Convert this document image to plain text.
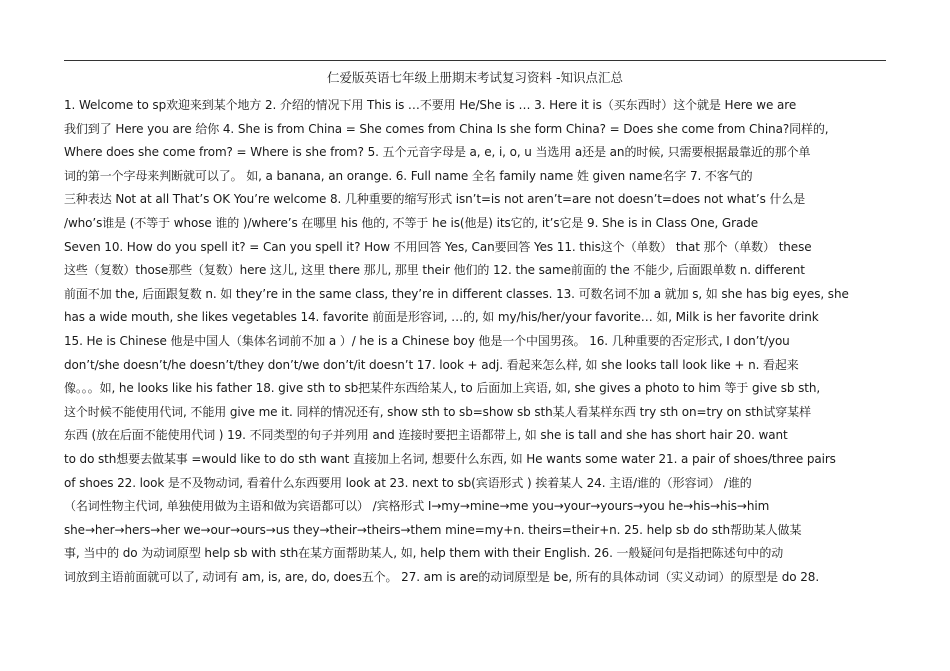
仁爱版英语七年级上册期末考试复习资料 -知识点汇总
1. Welcome to sp欢迎来到某个地方 2. 介绍的情况下用 This is …不要用 He/She is … 3. Here it is（买东西时）这个就是 Here we are
我们到了 Here you are 给你 4. She is from China = She comes from China Is she form China? = Does she come from China?同样的,
Where does she come from? = Where is she from? 5. 五个元音字母是 a, e, i, o, u 当选用 a还是 an的时候, 只需要根据最靠近的那个单
词的第一个字母来判断就可以了。 如, a banana, an orange. 6. Full name 全名 family name 姓 given name名字 7. 不客气的
三种表达 Not at all That’s OK You’re welcome 8. 几种重要的缩写形式 isn’t=is not aren’t=are not doesn’t=does not what’s 什么是
/who’s谁是 (不等于 whose 谁的 )/where’s 在哪里 his 他的, 不等于 he is(他是) its它的, it’s它是 9. She is in Class One, Grade
Seven 10. How do you spell it? = Can you spell it? How 不用回答 Yes, Can要回答 Yes 11. this这个（单数） that 那个（单数） these
这些（复数）those那些（复数）here 这儿, 这里 there 那儿, 那里 their 他们的 12. the same前面的 the 不能少, 后面跟单数 n. different
前面不加 the, 后面跟复数 n. 如 they’re in the same class, they’re in different classes. 13. 可数名词不加 a 就加 s, 如 she has big eyes, she
has a wide mouth, she likes vegetables 14. favorite 前面是形容词, …的, 如 my/his/her/your favorite… 如, Milk is her favorite drink
15. He is Chinese 他是中国人（集体名词前不加 a ）/ he is a Chinese boy 他是一个中国男孩。 16. 几种重要的否定形式, I don’t/you
don’t/she doesn’t/he doesn’t/they don’t/we don’t/it doesn’t 17. look + adj. 看起来怎么样, 如 she looks tall look like + n. 看起来
像。。。如, he looks like his father 18. give sth to sb把某件东西给某人, to 后面加上宾语, 如, she gives a photo to him 等于 give sb sth,
这个时候不能使用代词, 不能用 give me it. 同样的情况还有, show sth to sb=show sb sth某人看某样东西 try sth on=try on sth试穿某样
东西 (放在后面不能使用代词 ) 19. 不同类型的句子并列用 and 连接时要把主语都带上, 如 she is tall and she has short hair 20. want
to do sth想要去做某事 =would like to do sth want 直接加上名词, 想要什么东西, 如 He wants some water 21. a pair of shoes/three pairs
of shoes 22. look 是不及物动词, 看着什么东西要用 look at 23. next to sb(宾语形式 ) 挨着某人 24. 主语/谁的（形容词） /谁的
（名词性物主代词, 单独使用做为主语和做为宾语都可以） /宾格形式 I→my→mine→me you→your→yours→you he→his→his→him
she→her→hers→her we→our→ours→us they→their→theirs→them mine=my+n. theirs=their+n. 25. help sb do sth帮助某人做某
事, 当中的 do 为动词原型 help sb with sth在某方面帮助某人, 如, help them with their English. 26. 一般疑问句是指把陈述句中的动
词放到主语前面就可以了, 动词有 am, is, are, do, does五个。 27. am is are的动词原型是 be, 所有的具体动词（实义动词）的原型是 do 28.
